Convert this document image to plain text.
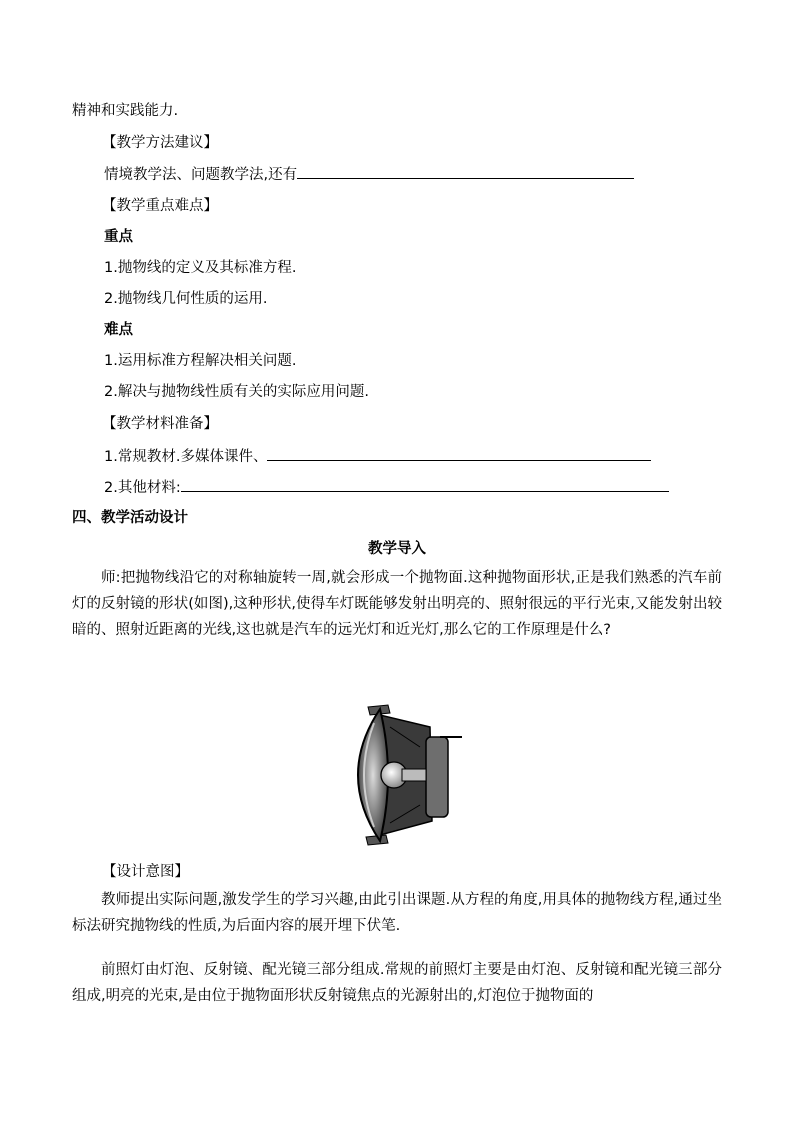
精神和实践能力.
【教学方法建议】
情境教学法、问题教学法,还有
【教学重点难点】
重点
1.抛物线的定义及其标准方程.
2.抛物线几何性质的运用.
难点
1.运用标准方程解决相关问题.
2.解决与抛物线性质有关的实际应用问题.
【教学材料准备】
1.常规教材.多媒体课件、
2.其他材料:
四、教学活动设计
教学导入
师:把抛物线沿它的对称轴旋转一周,就会形成一个抛物面.这种抛物面形状,正是我们熟悉的汽车前灯的反射镜的形状(如图),这种形状,使得车灯既能够发射出明亮的、照射很远的平行光束,又能发射出较暗的、照射近距离的光线,这也就是汽车的远光灯和近光灯,那么它的工作原理是什么?
【设计意图】
教师提出实际问题,激发学生的学习兴趣,由此引出课题.从方程的角度,用具体的抛物线方程,通过坐标法研究抛物线的性质,为后面内容的展开埋下伏笔.
前照灯由灯泡、反射镜、配光镜三部分组成.常规的前照灯主要是由灯泡、反射镜和配光镜三部分组成,明亮的光束,是由位于抛物面形状反射镜焦点的光源射出的,灯泡位于抛物面的
